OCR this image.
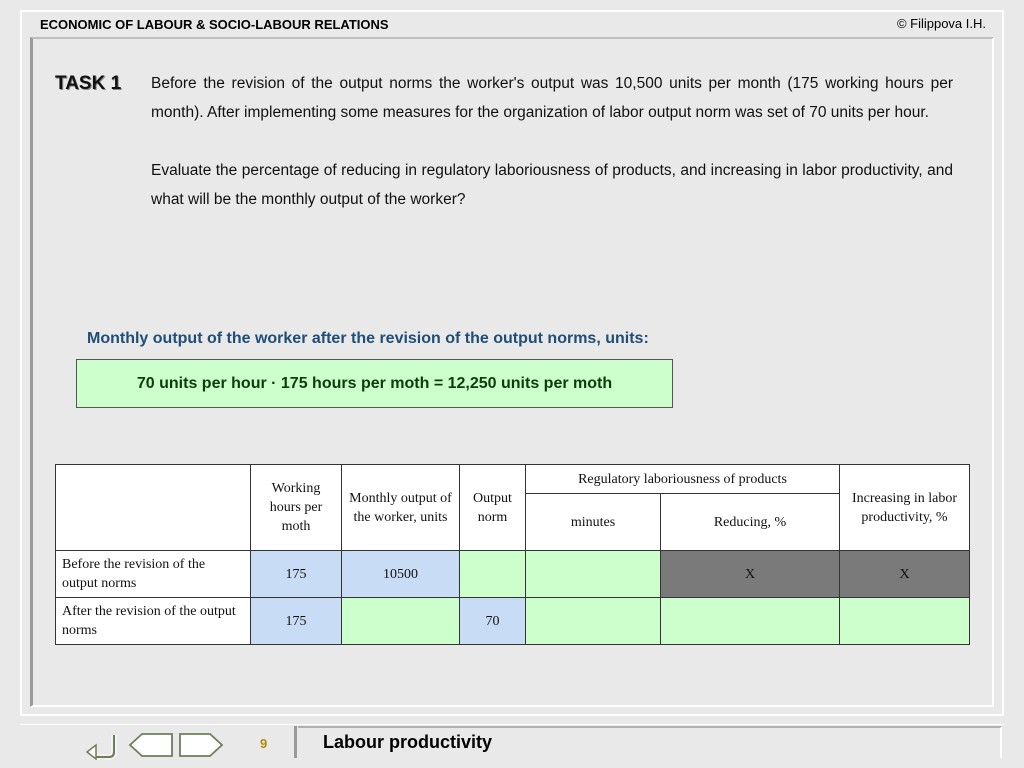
ECONOMIC OF LABOUR & SOCIO-LABOUR RELATIONS	© Filippova I.H.
TASK 1 Before the revision of the output norms the worker's output was 10,500 units per month (175 working hours per month). After implementing some measures for the organization of labor output norm was set of 70 units per hour.

Evaluate the percentage of reducing in regulatory laboriousness of products, and increasing in labor productivity, and what will be the monthly output of the worker?

Monthly output of the worker after the revision of the output norms, units:
70 units per hour · 175 hours per moth = 12,250 units per moth
	Working hours per moth	Monthly output of the worker, units	Output norm	Regulatory laboriousness of products		Increasing in labor productivity, %
				minutes	Reducing, %	
Before the revision of the output norms	175	10500			X	X
After the revision of the output norms	175		70			
9	Labour productivity
